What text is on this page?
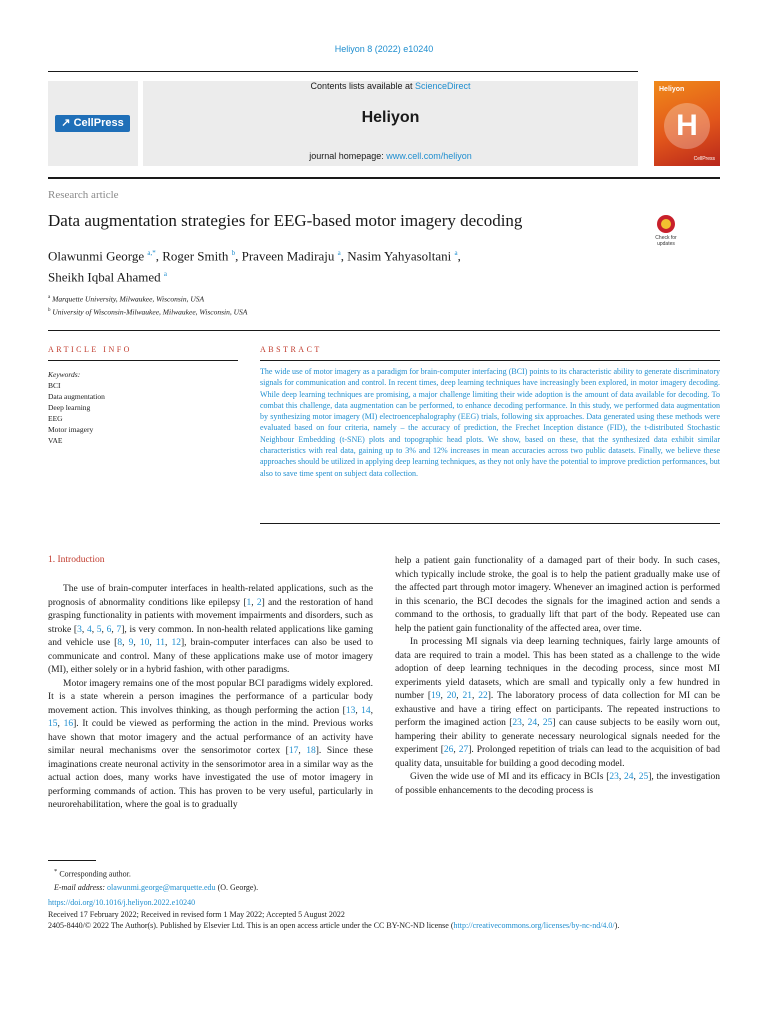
Heliyon 8 (2022) e10240
↗ CellPress
Contents lists available at ScienceDirect
Heliyon
journal homepage: www.cell.com/heliyon
Heliyon
H
CellPress
Research article
Data augmentation strategies for EEG-based motor imagery decoding
Check for
updates
Olawunmi George $^{a,*}$, Roger Smith $^b$, Praveen Madiraju $^a$, Nasim Yahyasoltani $^a$,
Sheikh Iqbal Ahamed $^a$
$^a$ Marquette University, Milwaukee, Wisconsin, USA
$^b$ University of Wisconsin-Milwaukee, Milwaukee, Wisconsin, USA
ARTICLE INFO	ABSTRACT
Keywords:
BCI
Data augmentation
Deep learning
EEG
Motor imagery
VAE
The wide use of motor imagery as a paradigm for brain-computer interfacing (BCI) points to its characteristic ability to generate discriminatory signals for communication and control. In recent times, deep learning techniques have increasingly been explored, in motor imagery decoding. While deep learning techniques are promising, a major challenge limiting their wide adoption is the amount of data available for decoding. To combat this challenge, data augmentation can be performed, to enhance decoding performance. In this study, we performed data augmentation by synthesizing motor imagery (MI) electroencephalography (EEG) trials, following six approaches. Data generated using these methods were evaluated based on four criteria, namely – the accuracy of prediction, the Frechet Inception distance (FID), the t-distributed Stochastic Neighbour Embedding (t-SNE) plots and topographic head plots. We show, based on these, that the synthesized data exhibit similar characteristics with real data, gaining up to 3% and 12% increases in mean accuracies across two public datasets. Finally, we believe these approaches should be utilized in applying deep learning techniques, as they not only have the potential to improve prediction performances, but also to save time spent on subject data collection.
1. Introduction

The use of brain-computer interfaces in health-related applications, such as the prognosis of abnormality conditions like epilepsy [1, 2] and the restoration of hand grasping functionality in patients with movement impairments and disorders, such as stroke [3, 4, 5, 6, 7], is very common. In non-health related applications like gaming and vehicle use [8, 9, 10, 11, 12], brain-computer interfaces can also be used to communicate and control. Many of these applications make use of motor imagery (MI), either solely or in a hybrid fashion, with other paradigms.

Motor imagery remains one of the most popular BCI paradigms widely explored. It is a state wherein a person imagines the performance of a particular body movement action. This involves thinking, as though performing the action [13, 14, 15, 16]. It could be viewed as performing the action in the mind. Previous works have shown that motor imagery and the actual performance of an activity have similar neural mechanisms over the sensorimotor cortex [17, 18]. Since these imaginations create neuronal activity in the sensorimotor area in a similar way as the actual action does, many works have investigated the use of motor imagery in performing commands of action. This has proven to be very useful, particularly in neurorehabilitation, where the goal is to gradually

help a patient gain functionality of a damaged part of their body. In such cases, which typically include stroke, the goal is to help the patient gradually make use of the affected part through motor imagery. Whenever an imagined action is performed in this scenario, the BCI decodes the signals for the imagined action and sends a command to the orthosis, to gradually lift that part of the body. Repeated use can help the patient gain functionality of the affected area, over time.

In processing MI signals via deep learning techniques, fairly large amounts of data are required to train a model. This has been stated as a challenge to the wide adoption of deep learning techniques in the decoding process, since most MI experiments yield datasets, which are small and typically only a few hundred in number [19, 20, 21, 22]. The laboratory process of data collection for MI can be exhaustive and have a tiring effect on participants. The repeated instructions to perform the imagined action [23, 24, 25] can cause subjects to be easily worn out, hampering their ability to generate necessary neurological signals needed for the experiment [26, 27]. Prolonged repetition of trials can lead to the acquisition of bad quality data, unsuitable for building a good decoding model.

Given the wide use of MI and its efficacy in BCIs [23, 24, 25], the investigation of possible enhancements to the decoding process is

* Corresponding author.
E-mail address: olawunmi.george@marquette.edu (O. George).
https://doi.org/10.1016/j.heliyon.2022.e10240
Received 17 February 2022; Received in revised form 1 May 2022; Accepted 5 August 2022
2405-8440/© 2022 The Author(s). Published by Elsevier Ltd. This is an open access article under the CC BY-NC-ND license (http://creativecommons.org/licenses/by-nc-nd/4.0/).
